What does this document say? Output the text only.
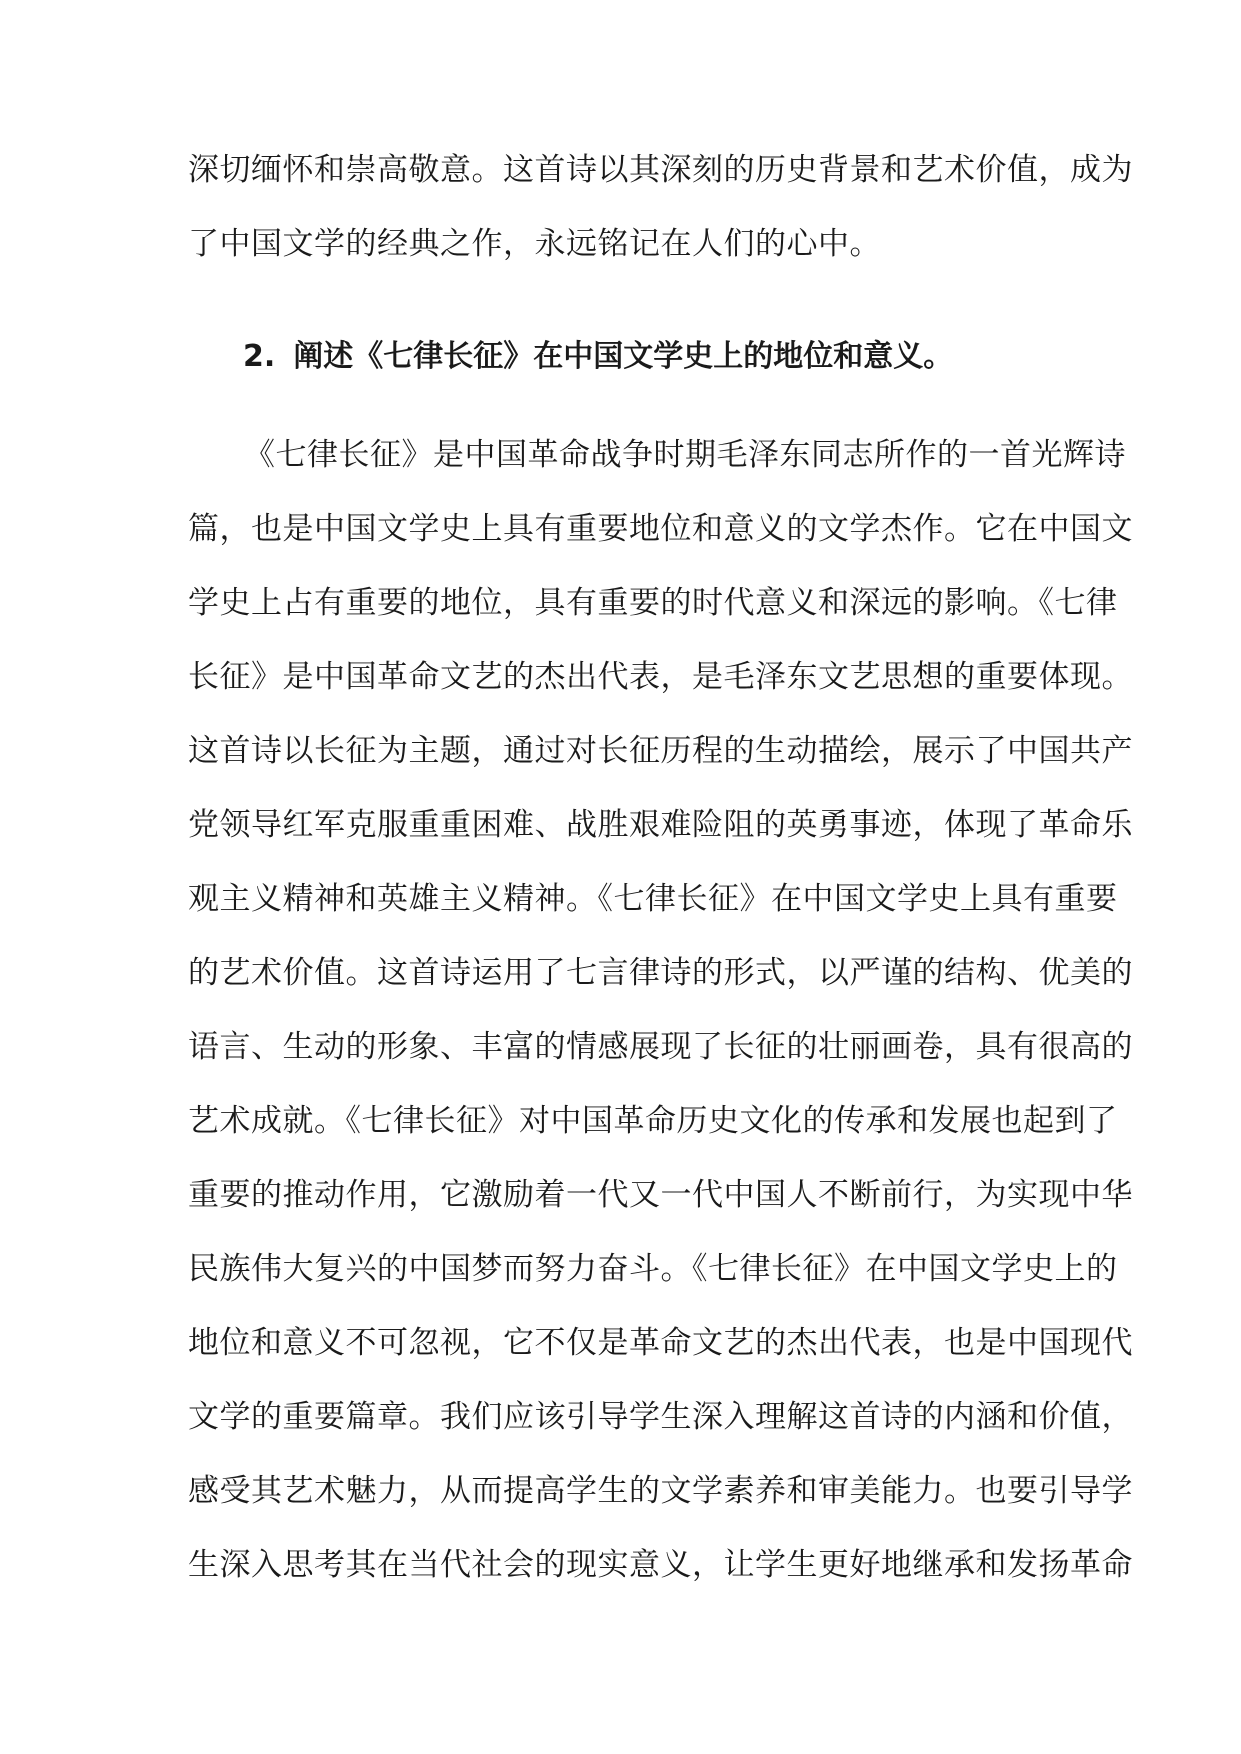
深切缅怀和崇高敬意。这首诗以其深刻的历史背景和艺术价值，成为
了中国文学的经典之作，永远铭记在人们的心中。
2. 阐述《七律长征》在中国文学史上的地位和意义。
《七律长征》是中国革命战争时期毛泽东同志所作的一首光辉诗
篇，也是中国文学史上具有重要地位和意义的文学杰作。它在中国文
学史上占有重要的地位，具有重要的时代意义和深远的影响。《七律
长征》是中国革命文艺的杰出代表，是毛泽东文艺思想的重要体现。
这首诗以长征为主题，通过对长征历程的生动描绘，展示了中国共产
党领导红军克服重重困难、战胜艰难险阻的英勇事迹，体现了革命乐
观主义精神和英雄主义精神。《七律长征》在中国文学史上具有重要
的艺术价值。这首诗运用了七言律诗的形式，以严谨的结构、优美的
语言、生动的形象、丰富的情感展现了长征的壮丽画卷，具有很高的
艺术成就。《七律长征》对中国革命历史文化的传承和发展也起到了
重要的推动作用，它激励着一代又一代中国人不断前行，为实现中华
民族伟大复兴的中国梦而努力奋斗。《七律长征》在中国文学史上的
地位和意义不可忽视，它不仅是革命文艺的杰出代表，也是中国现代
文学的重要篇章。我们应该引导学生深入理解这首诗的内涵和价值，
感受其艺术魅力，从而提高学生的文学素养和审美能力。也要引导学
生深入思考其在当代社会的现实意义，让学生更好地继承和发扬革命
